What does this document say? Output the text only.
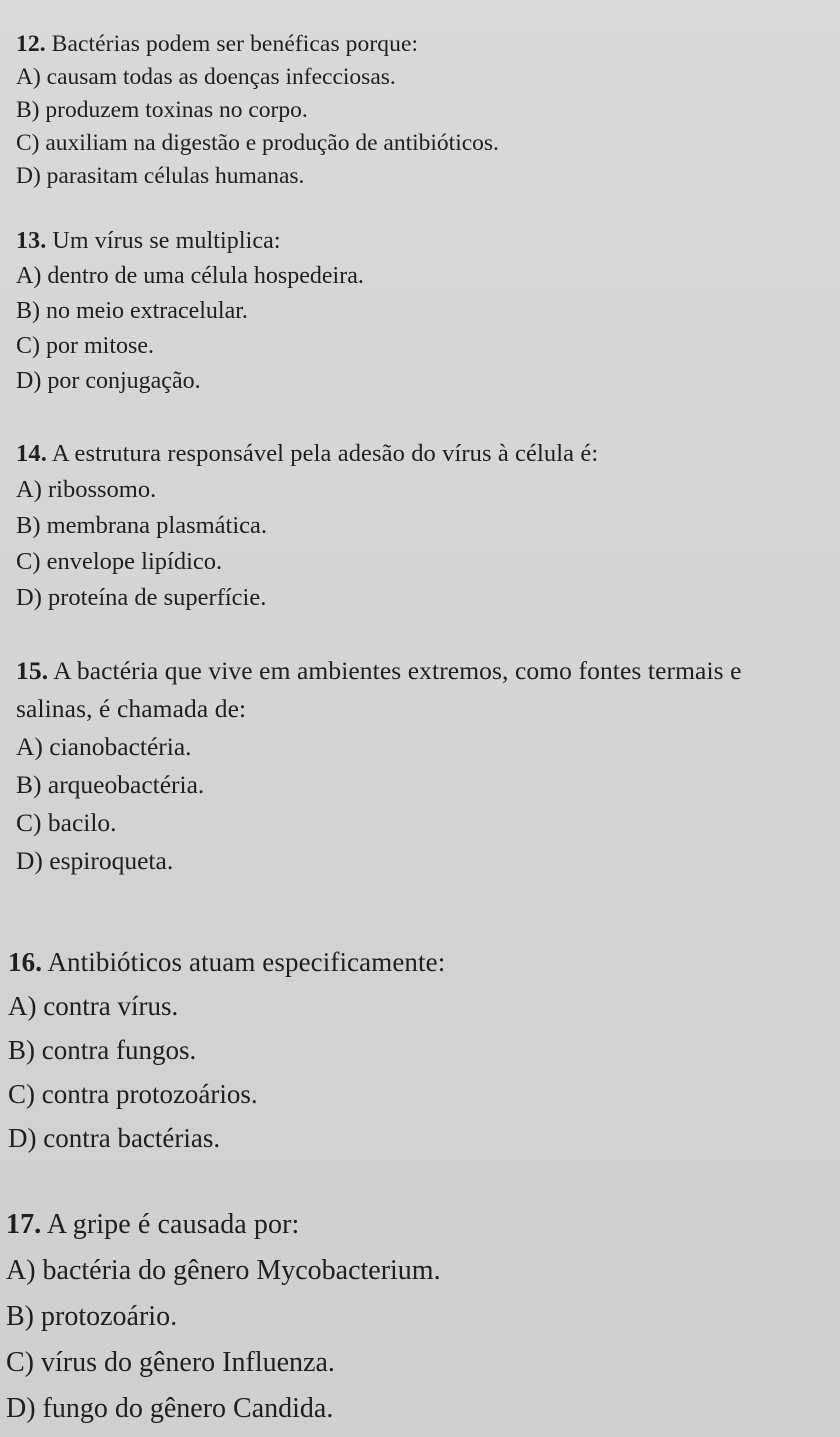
12. Bactérias podem ser benéficas porque:

A) causam todas as doenças infecciosas.
B) produzem toxinas no corpo.
C) auxiliam na digestão e produção de antibióticos.
D) parasitam células humanas.

13. Um vírus se multiplica:

A) dentro de uma célula hospedeira.
B) no meio extracelular.
C) por mitose.
D) por conjugação.

14. A estrutura responsável pela adesão do vírus à célula é:

A) ribossomo.
B) membrana plasmática.
C) envelope lipídico.
D) proteína de superfície.

15. A bactéria que vive em ambientes extremos, como fontes termais e salinas, é chamada de:

A) cianobactéria.
B) arqueobactéria.
C) bacilo.
D) espiroqueta.

16. Antibióticos atuam especificamente:

A) contra vírus.
B) contra fungos.
C) contra protozoários.
D) contra bactérias.

17. A gripe é causada por:

A) bactéria do gênero Mycobacterium.
B) protozoário.
C) vírus do gênero Influenza.
D) fungo do gênero Candida.
